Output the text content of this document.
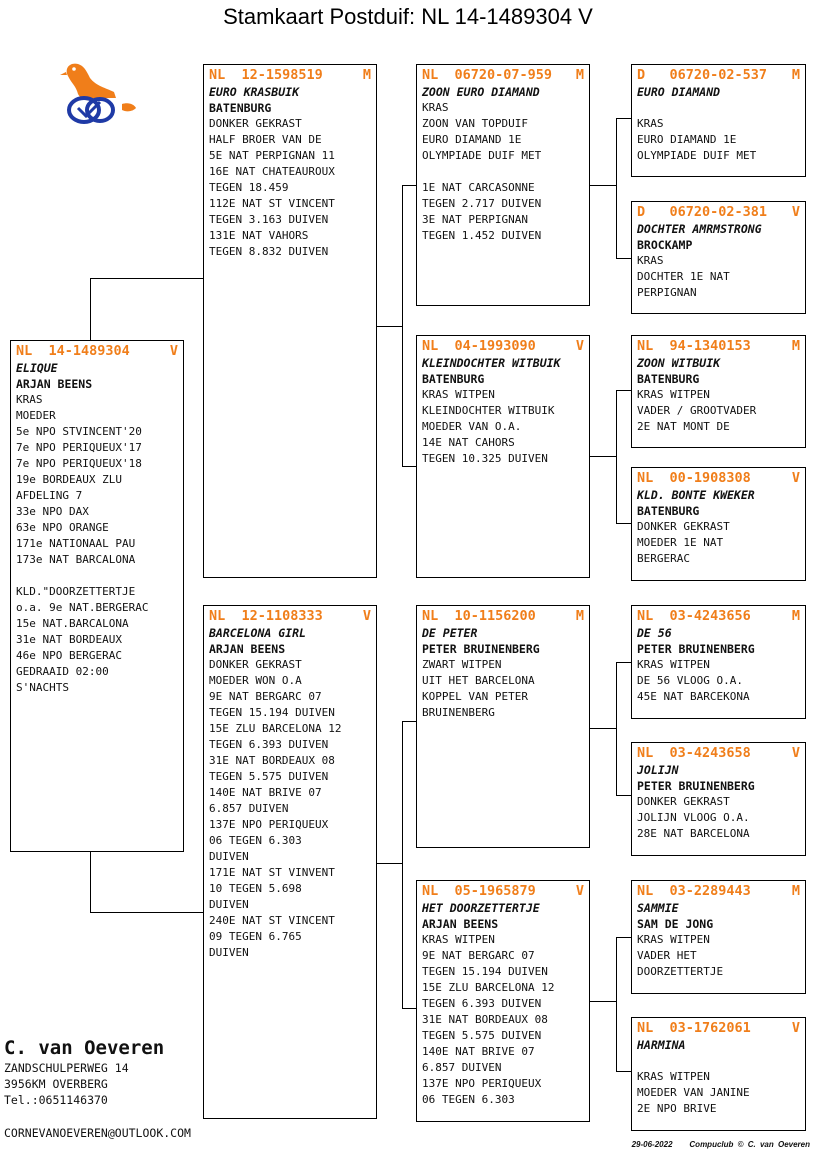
Stamkaart Postduif: NL 14-1489304 V
NL  14-1489304	V
ELIQUE
ARJAN BEENS
KRAS
MOEDER
5e NPO STVINCENT'20
7e NPO PERIQUEUX'17
7e NPO PERIQUEUX'18
19e BORDEAUX ZLU
AFDELING 7
33e NPO DAX
63e NPO ORANGE
171e NATIONAAL PAU
173e NAT BARCALONA
KLD."DOORZETTERTJE
o.a. 9e NAT.BERGERAC
15e NAT.BARCALONA
31e NAT BORDEAUX
46e NPO BERGERAC
GEDRAAID 02:00
S'NACHTS
NL  12-1598519	M
EURO KRASBUIK
BATENBURG
DONKER GEKRAST
HALF BROER VAN DE
5E NAT PERPIGNAN 11
16E NAT CHATEAUROUX
TEGEN 18.459
112E NAT ST VINCENT
TEGEN 3.163 DUIVEN
131E NAT VAHORS
TEGEN 8.832 DUIVEN
NL  12-1108333	V
BARCELONA GIRL
ARJAN BEENS
DONKER GEKRAST
MOEDER WON O.A
9E NAT BERGARC 07
TEGEN 15.194 DUIVEN
15E ZLU BARCELONA 12
TEGEN 6.393 DUIVEN
31E NAT BORDEAUX 08
TEGEN 5.575 DUIVEN
140E NAT BRIVE 07
6.857 DUIVEN
137E NPO PERIQUEUX
06 TEGEN 6.303
DUIVEN
171E NAT ST VINVENT
10 TEGEN 5.698
DUIVEN
240E NAT ST VINCENT
09 TEGEN 6.765
DUIVEN
NL  06720-07-959 M
ZOON EURO DIAMAND
KRAS
ZOON VAN TOPDUIF
EURO DIAMAND 1E
OLYMPIADE DUIF MET
1E NAT CARCASONNE
TEGEN 2.717 DUIVEN
3E NAT PERPIGNAN
TEGEN 1.452 DUIVEN
NL  04-1993090	V
KLEINDOCHTER WITBUIK
BATENBURG
KRAS WITPEN
KLEINDOCHTER WITBUIK
MOEDER VAN O.A.
14E NAT CAHORS
TEGEN 10.325 DUIVEN
NL  10-1156200	M
DE PETER
PETER BRUINENBERG
ZWART WITPEN
UIT HET BARCELONA
KOPPEL VAN PETER
BRUINENBERG
NL  05-1965879	V
HET DOORZETTERTJE
ARJAN BEENS
KRAS WITPEN
9E NAT BERGARC 07
TEGEN 15.194 DUIVEN
15E ZLU BARCELONA 12
TEGEN 6.393 DUIVEN
31E NAT BORDEAUX 08
TEGEN 5.575 DUIVEN
140E NAT BRIVE 07
6.857 DUIVEN
137E NPO PERIQUEUX
06 TEGEN 6.303
D   06720-02-537 M
EURO DIAMAND
KRAS
EURO DIAMAND 1E
OLYMPIADE DUIF MET
D   06720-02-381 V
DOCHTER AMRMSTRONG
BROCKAMP
KRAS
DOCHTER 1E NAT
PERPIGNAN
NL  94-1340153	M
ZOON WITBUIK
BATENBURG
KRAS WITPEN
VADER / GROOTVADER
2E NAT MONT DE
NL  00-1908308	V
KLD. BONTE KWEKER
BATENBURG
DONKER GEKRAST
MOEDER 1E NAT
BERGERAC
NL  03-4243656	M
DE 56
PETER BRUINENBERG
KRAS WITPEN
DE 56 VLOOG O.A.
45E NAT BARCEKONA
NL  03-4243658	V
JOLIJN
PETER BRUINENBERG
DONKER GEKRAST
JOLIJN VLOOG O.A.
28E NAT BARCELONA
NL  03-2289443	M
SAMMIE
SAM DE JONG
KRAS WITPEN
VADER HET
DOORZETTERTJE
NL  03-1762061	V
HARMINA
KRAS WITPEN
MOEDER VAN JANINE
2E NPO BRIVE
C. van Oeveren
ZANDSCHULPERWEG 14
3956KM OVERBERG
Tel.:0651146370
CORNEVANOEVEREN@OUTLOOK.COM
29-06-2022 Compuclub © C. van Oeveren
